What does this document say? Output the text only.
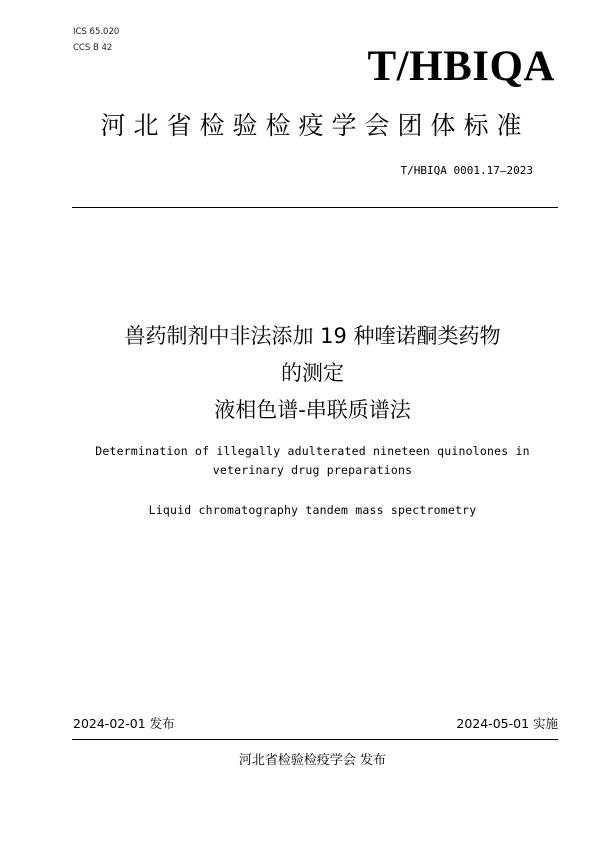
ICS 65.020
CCS B 42	T/HBIQA
河北省检验检疫学会团体标准
T/HBIQA 0001.17—2023
兽药制剂中非法添加 19 种喹诺酮类药物
的测定
液相色谱-串联质谱法
Determination of illegally adulterated nineteen quinolones in
veterinary drug preparations
Liquid chromatography tandem mass spectrometry
2024-02-01 发布	2024-05-01 实施
河北省检验检疫学会 发布
